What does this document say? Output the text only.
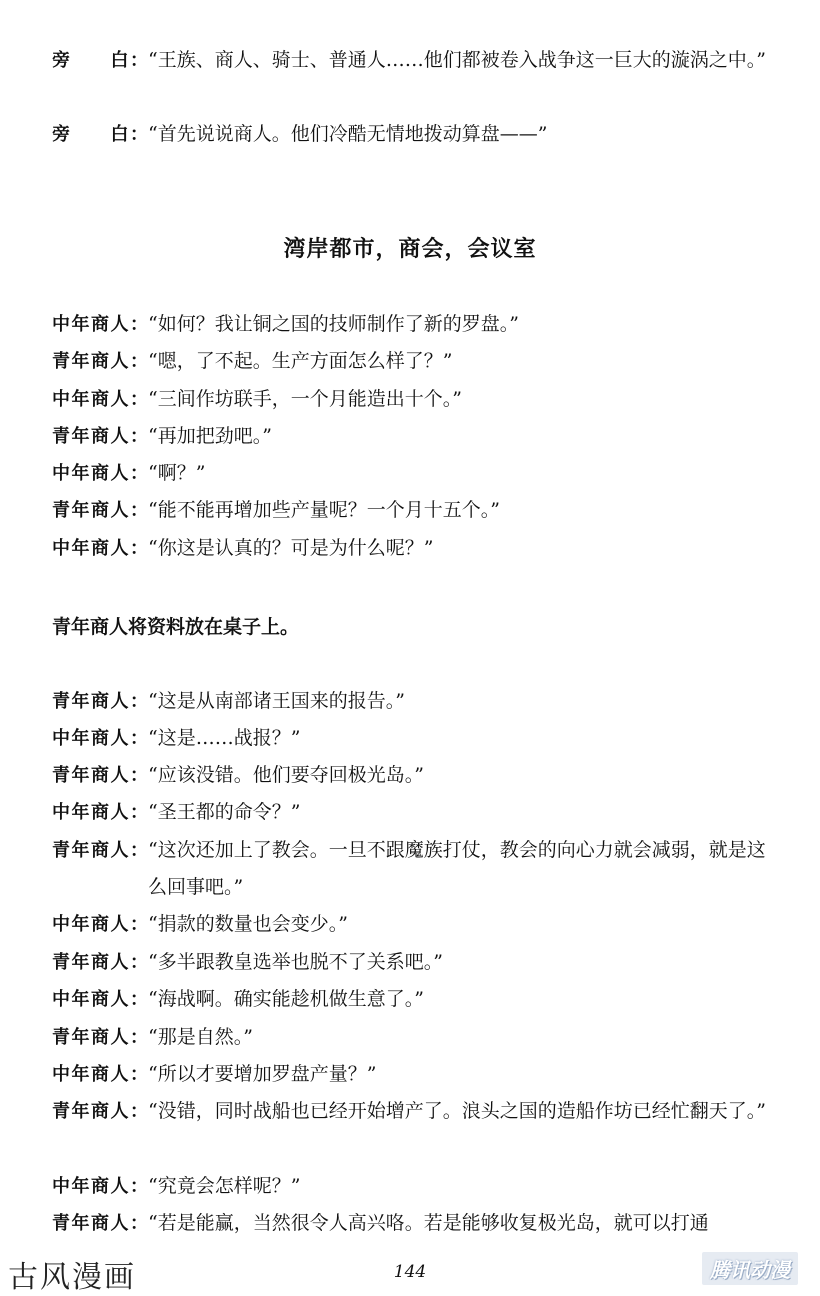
旁　　白： “王族、商人、骑士、普通人……他们都被卷入战争这一巨大的漩涡之中。”
旁　　白： “首先说说商人。他们冷酷无情地拨动算盘——”
湾岸都市，商会，会议室
中年商人： “如何？我让铜之国的技师制作了新的罗盘。”
青年商人： “嗯，了不起。生产方面怎么样了？”
中年商人： “三间作坊联手，一个月能造出十个。”
青年商人： “再加把劲吧。”
中年商人： “啊？”
青年商人： “能不能再增加些产量呢？一个月十五个。”
中年商人： “你这是认真的？可是为什么呢？”
青年商人将资料放在桌子上。
青年商人： “这是从南部诸王国来的报告。”
中年商人： “这是……战报？”
青年商人： “应该没错。他们要夺回极光岛。”
中年商人： “圣王都的命令？”
青年商人： “这次还加上了教会。一旦不跟魔族打仗，教会的向心力就会减弱，就是这么回事吧。”
中年商人： “捐款的数量也会变少。”
青年商人： “多半跟教皇选举也脱不了关系吧。”
中年商人： “海战啊。确实能趁机做生意了。”
青年商人： “那是自然。”
中年商人： “所以才要增加罗盘产量？”
青年商人： “没错，同时战船也已经开始增产了。浪头之国的造船作坊已经忙翻天了。”
中年商人： “究竟会怎样呢？”
青年商人： “若是能赢，当然很令人高兴咯。若是能够收复极光岛，就可以打通
古风漫画	144	腾讯动漫
